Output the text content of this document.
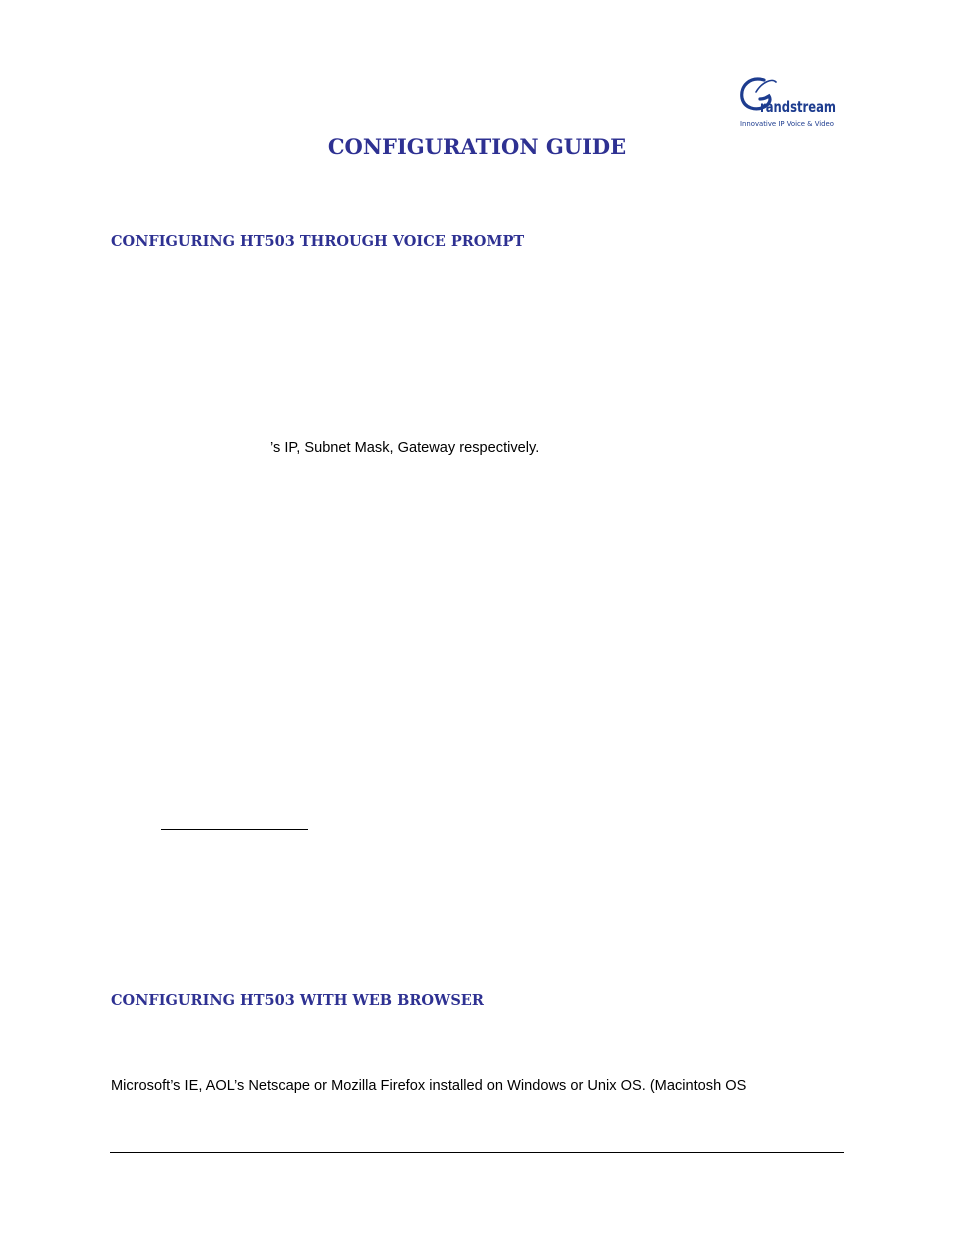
randstream
Innovative IP Voice & Video
CONFIGURATION GUIDE
CONFIGURING HT503 THROUGH VOICE PROMPT

’s IP, Subnet Mask, Gateway respectively.

CONFIGURING HT503 WITH WEB BROWSER

Microsoft’s IE, AOL’s Netscape or Mozilla Firefox installed on Windows or Unix OS. (Macintosh OS
